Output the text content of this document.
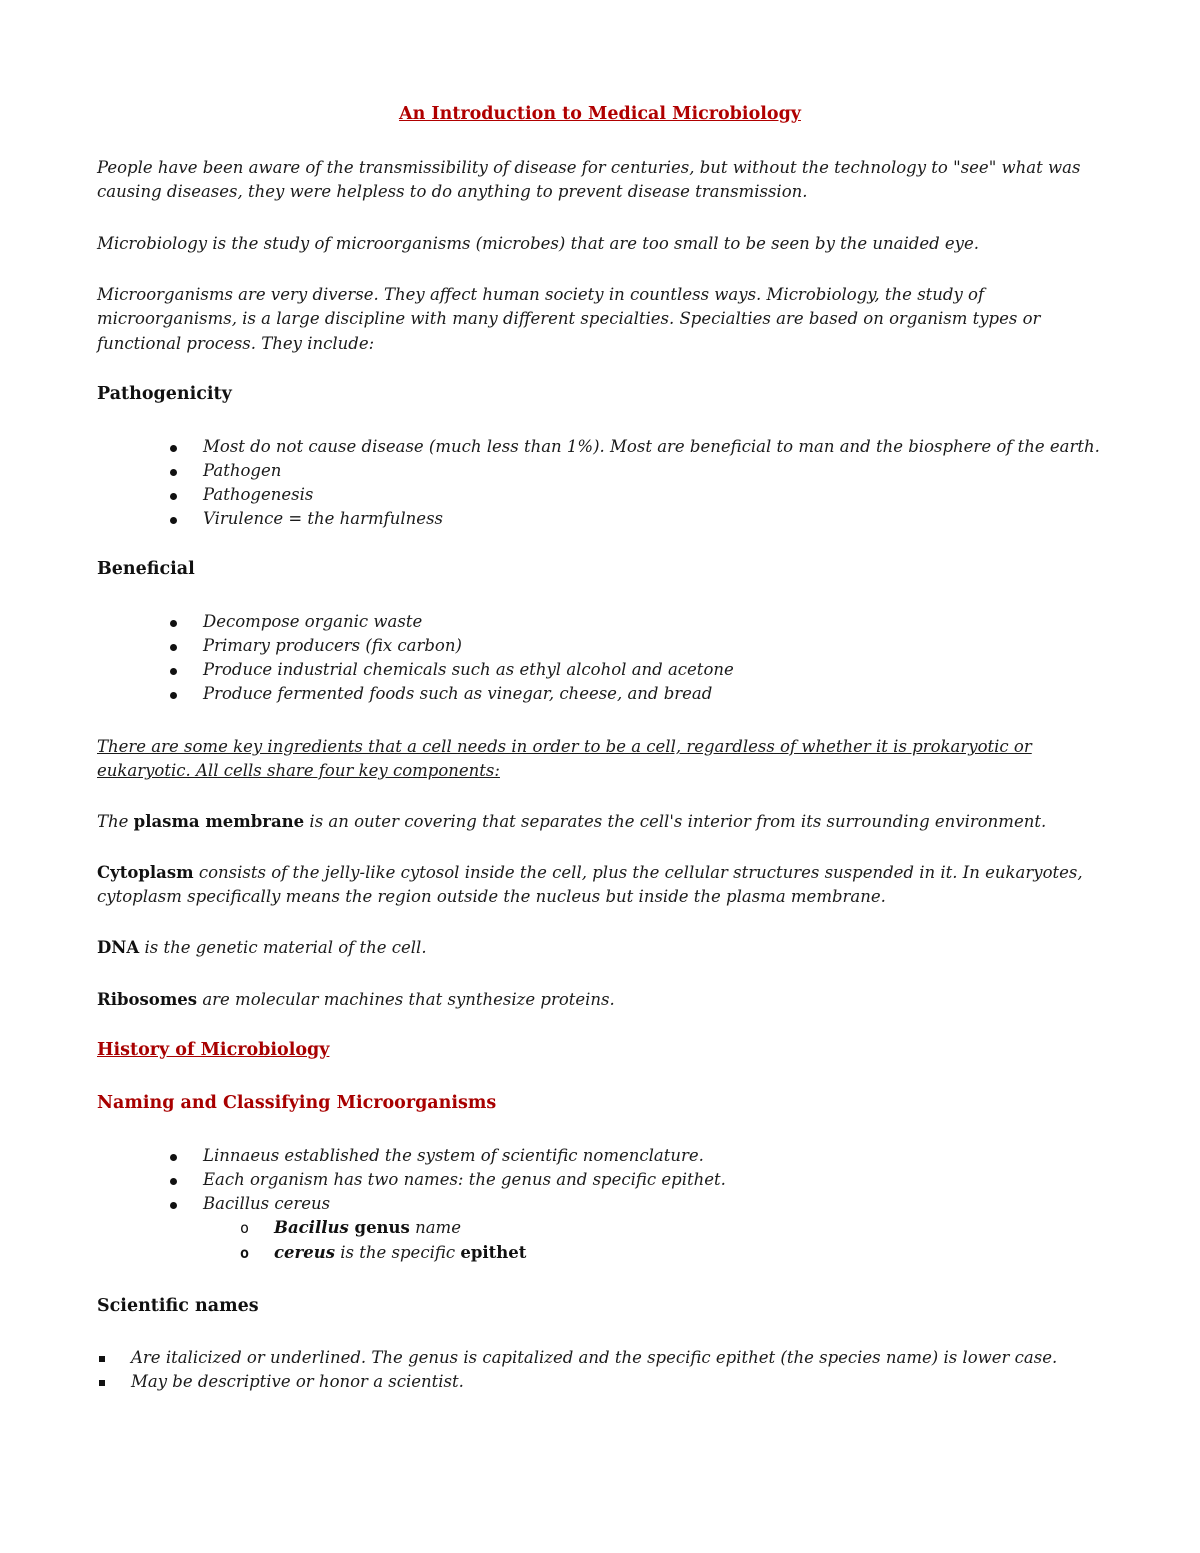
An Introduction to Medical Microbiology
People have been aware of the transmissibility of disease for centuries, but without the technology to "see" what was
causing diseases, they were helpless to do anything to prevent disease transmission.
Microbiology is the study of microorganisms (microbes) that are too small to be seen by the unaided eye.
Microorganisms are very diverse. They affect human society in countless ways. Microbiology, the study of
microorganisms, is a large discipline with many different specialties. Specialties are based on organism types or
functional process. They include:
Pathogenicity
Most do not cause disease (much less than 1%). Most are beneficial to man and the biosphere of the earth.
Pathogen
Pathogenesis
Virulence = the harmfulness
Beneficial
Decompose organic waste
Primary producers (fix carbon)
Produce industrial chemicals such as ethyl alcohol and acetone
Produce fermented foods such as vinegar, cheese, and bread
There are some key ingredients that a cell needs in order to be a cell, regardless of whether it is prokaryotic or
eukaryotic. All cells share four key components:
The plasma membrane is an outer covering that separates the cell's interior from its surrounding environment.
Cytoplasm consists of the jelly-like cytosol inside the cell, plus the cellular structures suspended in it. In eukaryotes,
cytoplasm specifically means the region outside the nucleus but inside the plasma membrane.
DNA is the genetic material of the cell.
Ribosomes are molecular machines that synthesize proteins.
History of Microbiology
Naming and Classifying Microorganisms
Linnaeus established the system of scientific nomenclature.
Each organism has two names: the genus and specific epithet.
Bacillus cereus
o Bacillus genus name
o cereus is the specific epithet
Scientific names
Are italicized or underlined. The genus is capitalized and the specific epithet (the species name) is lower case.
May be descriptive or honor a scientist.
